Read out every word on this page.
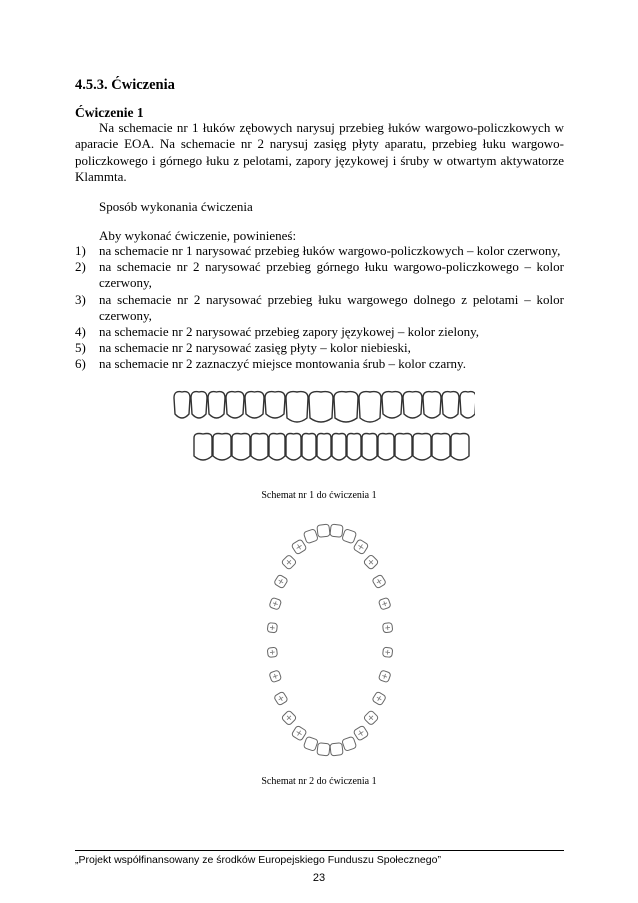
4.5.3. Ćwiczenia
Ćwiczenie 1
Na schemacie nr 1 łuków zębowych narysuj przebieg łuków wargowo-policzkowych w aparacie EOA. Na schemacie nr 2 narysuj zasięg płyty aparatu, przebieg łuku wargowo-policzkowego i górnego łuku z pelotami, zapory językowej i śruby w otwartym aktywatorze Klammta.
Sposób wykonania ćwiczenia
Aby wykonać ćwiczenie, powinieneś:
1)	na schemacie nr 1 narysować przebieg łuków wargowo-policzkowych – kolor czerwony,
2)	na schemacie nr 2 narysować przebieg górnego łuku wargowo-policzkowego – kolor czerwony,
3)	na schemacie nr 2 narysować przebieg łuku wargowego dolnego z pelotami – kolor czerwony,
4)	na schemacie nr 2 narysować przebieg zapory językowej – kolor zielony,
5)	na schemacie nr 2 narysować zasięg płyty – kolor niebieski,
6)	na schemacie nr 2 zaznaczyć miejsce montowania śrub – kolor czarny.
Schemat nr 1 do ćwiczenia 1
Schemat nr 2 do ćwiczenia 1
„Projekt współfinansowany ze środków Europejskiego Funduszu Społecznego”
23
